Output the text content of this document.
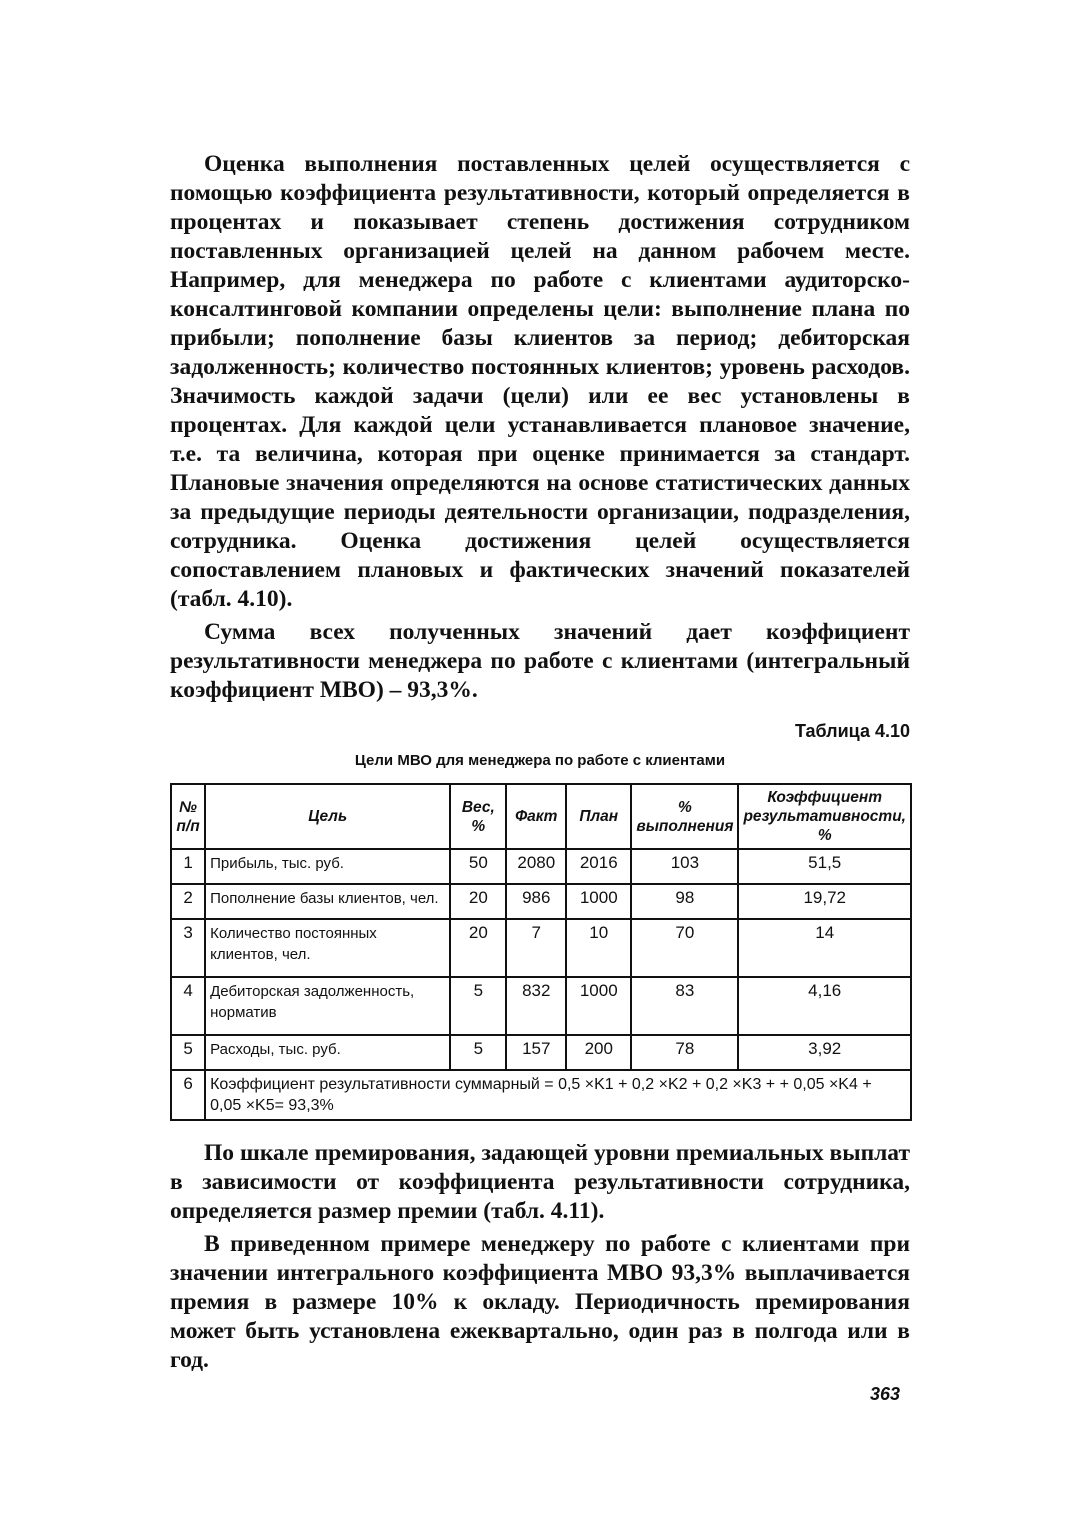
Оценка выполнения поставленных целей осуществляется с помощью коэффициента результативности, который определяется в процентах и показывает степень достижения сотрудником поставленных организацией целей на данном рабочем месте. Например, для менеджера по работе с клиентами аудиторско-консалтинговой компании определены цели: выполнение плана по прибыли; пополнение базы клиентов за период; дебиторская задолженность; количество постоянных клиентов; уровень расходов. Значимость каждой задачи (цели) или ее вес установлены в процентах. Для каждой цели устанавливается плановое значение, т.е. та величина, которая при оценке принимается за стандарт. Плановые значения определяются на основе статистических данных за предыдущие периоды деятельности организации, подразделения, сотрудника. Оценка достижения целей осуществляется сопоставлением плановых и фактических значений показателей (табл. 4.10).

Сумма всех полученных значений дает коэффициент результативности менеджера по работе с клиентами (интегральный коэффициент МВО) – 93,3%.

Таблица 4.10
Цели МВО для менеджера по работе с клиентами
№ п/п	Цель	Вес, %	Факт	План	% выполнения	Коэффициент результативности, %
1	Прибыль, тыс. руб.	50	2080	2016	103	51,5
2	Пополнение базы клиентов, чел.	20	986	1000	98	19,72
3	Количество постоянных клиентов, чел.	20	7	10	70	14
4	Дебиторская задолженность, норматив	5	832	1000	83	4,16
5	Расходы, тыс. руб.	5	157	200	78	3,92
6	Коэффициент результативности суммарный = 0,5 ×K1 + 0,2 ×K2 + 0,2 ×K3 + + 0,05 ×K4 + 0,05 ×K5= 93,3%					

По шкале премирования, задающей уровни премиальных выплат в зависимости от коэффициента результативности сотрудника, определяется размер премии (табл. 4.11).

В приведенном примере менеджеру по работе с клиентами при значении интегрального коэффициента МВО 93,3% выплачивается премия в размере 10% к окладу. Периодичность премирования может быть установлена ежеквартально, один раз в полгода или в год.

363
